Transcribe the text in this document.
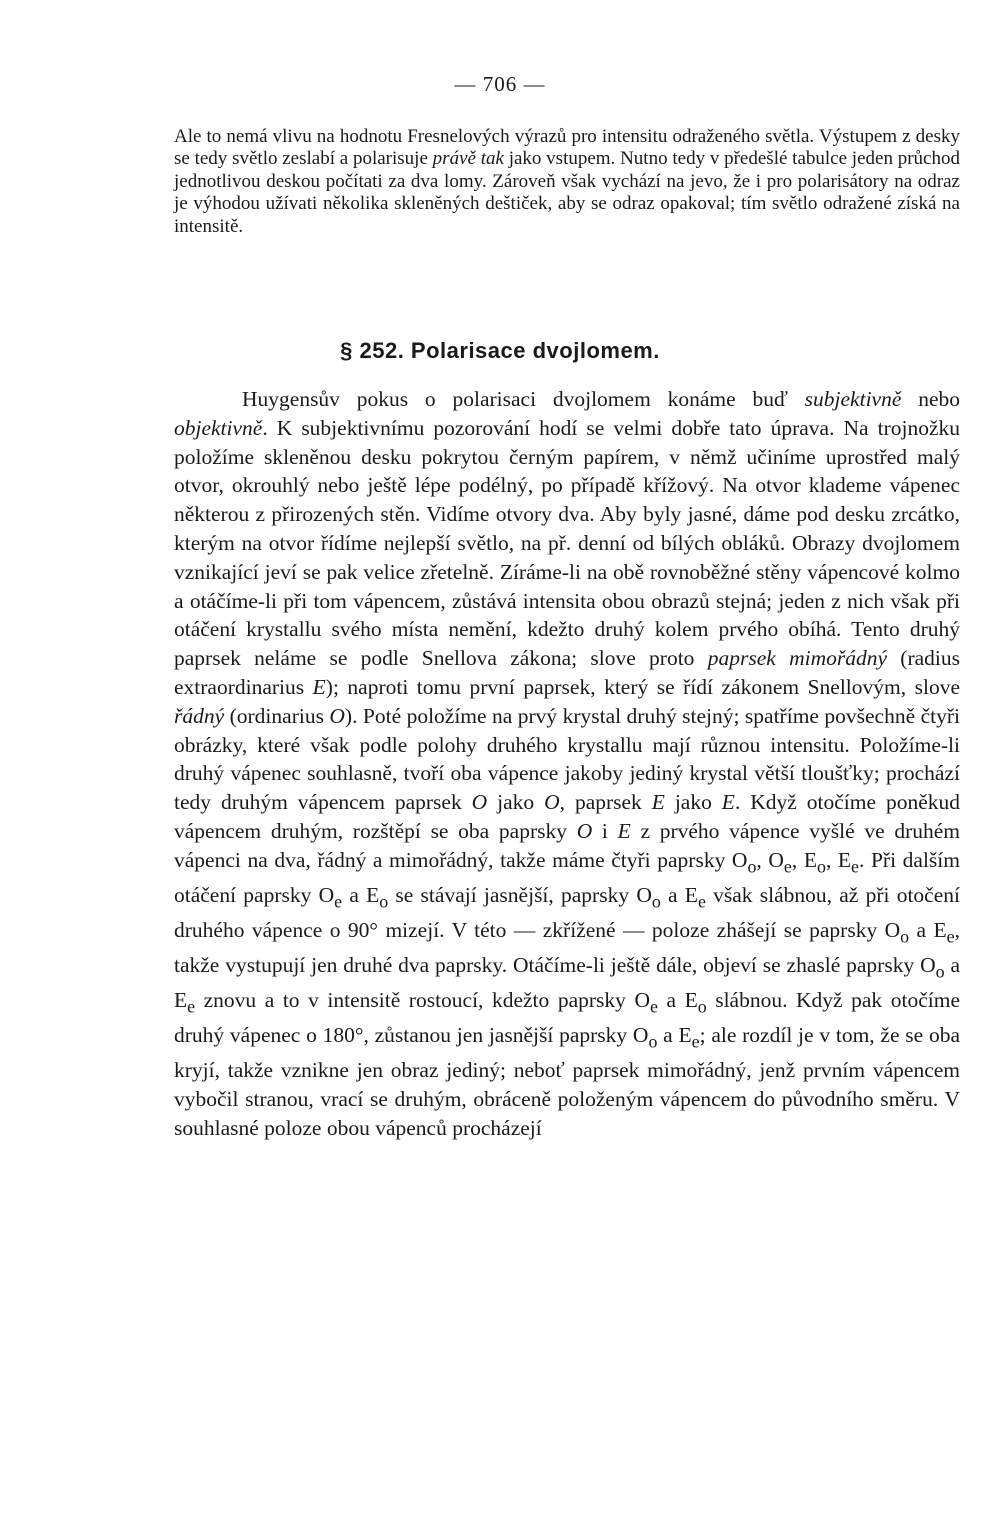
— 706 —

Ale to nemá vlivu na hodnotu Fresnelových výrazů pro intensitu odraženého světla. Výstupem z desky se tedy světlo zeslabí a polarisuje právě tak jako vstupem. Nutno tedy v předešlé tabulce jeden průchod jednotlivou deskou počítati za dva lomy. Zároveň však vychází na jevo, že i pro polarisátory na odraz je výhodou užívati několika skleněných deštiček, aby se odraz opakoval; tím světlo odražené získá na intensitě.

§ 252. Polarisace dvojlomem.

Huygensův pokus o polarisaci dvojlomem konáme buď subjektivně nebo objektivně. K subjektivnímu pozorování hodí se velmi dobře tato úprava. Na trojnožku položíme skleněnou desku pokrytou černým papírem, v němž učiníme uprostřed malý otvor, okrouhlý nebo ještě lépe podélný, po případě křížový. Na otvor klademe vápenec některou z přirozených stěn. Vidíme otvory dva. Aby byly jasné, dáme pod desku zrcátko, kterým na otvor řídíme nejlepší světlo, na př. denní od bílých obláků. Obrazy dvojlomem vznikající jeví se pak velice zřetelně. Zíráme-li na obě rovnoběžné stěny vápencové kolmo a otáčíme-li při tom vápencem, zůstává intensita obou obrazů stejná; jeden z nich však při otáčení krystallu svého místa nemění, kdežto druhý kolem prvého obíhá. Tento druhý paprsek neláme se podle Snellova zákona; slove proto paprsek mimořádný (radius extraordinarius E); naproti tomu první paprsek, který se řídí zákonem Snellovým, slove řádný (ordinarius O). Poté položíme na prvý krystal druhý stejný; spatříme povšechně čtyři obrázky, které však podle polohy druhého krystallu mají různou intensitu. Položíme-li druhý vápenec souhlasně, tvoří oba vápence jakoby jediný krystal větší tloušťky; prochází tedy druhým vápencem paprsek O jako O, paprsek E jako E. Když otočíme poněkud vápencem druhým, rozštěpí se oba paprsky O i E z prvého vápence vyšlé ve druhém vápenci na dva, řádný a mimořádný, takže máme čtyři paprsky $O_o$, $O_e$, $E_o$, $E_e$. Při dalším otáčení paprsky $O_e$ a $E_o$ se stávají jasnější, paprsky $O_o$ a $E_e$ však slábnou, až při otočení druhého vápence o 90° mizejí. V této — zkřížené — poloze zhášejí se paprsky $O_o$ a $E_e$, takže vystupují jen druhé dva paprsky. Otáčíme-li ještě dále, objeví se zhaslé paprsky $O_o$ a $E_e$ znovu a to v intensitě rostoucí, kdežto paprsky $O_e$ a $E_o$ slábnou. Když pak otočíme druhý vápenec o 180°, zůstanou jen jasnější paprsky $O_o$ a $E_e$; ale rozdíl je v tom, že se oba kryjí, takže vznikne jen obraz jediný; neboť paprsek mimořádný, jenž prvním vápencem vybočil stranou, vrací se druhým, obráceně položeným vápencem do původního směru. V souhlasné poloze obou vápenců procházejí
